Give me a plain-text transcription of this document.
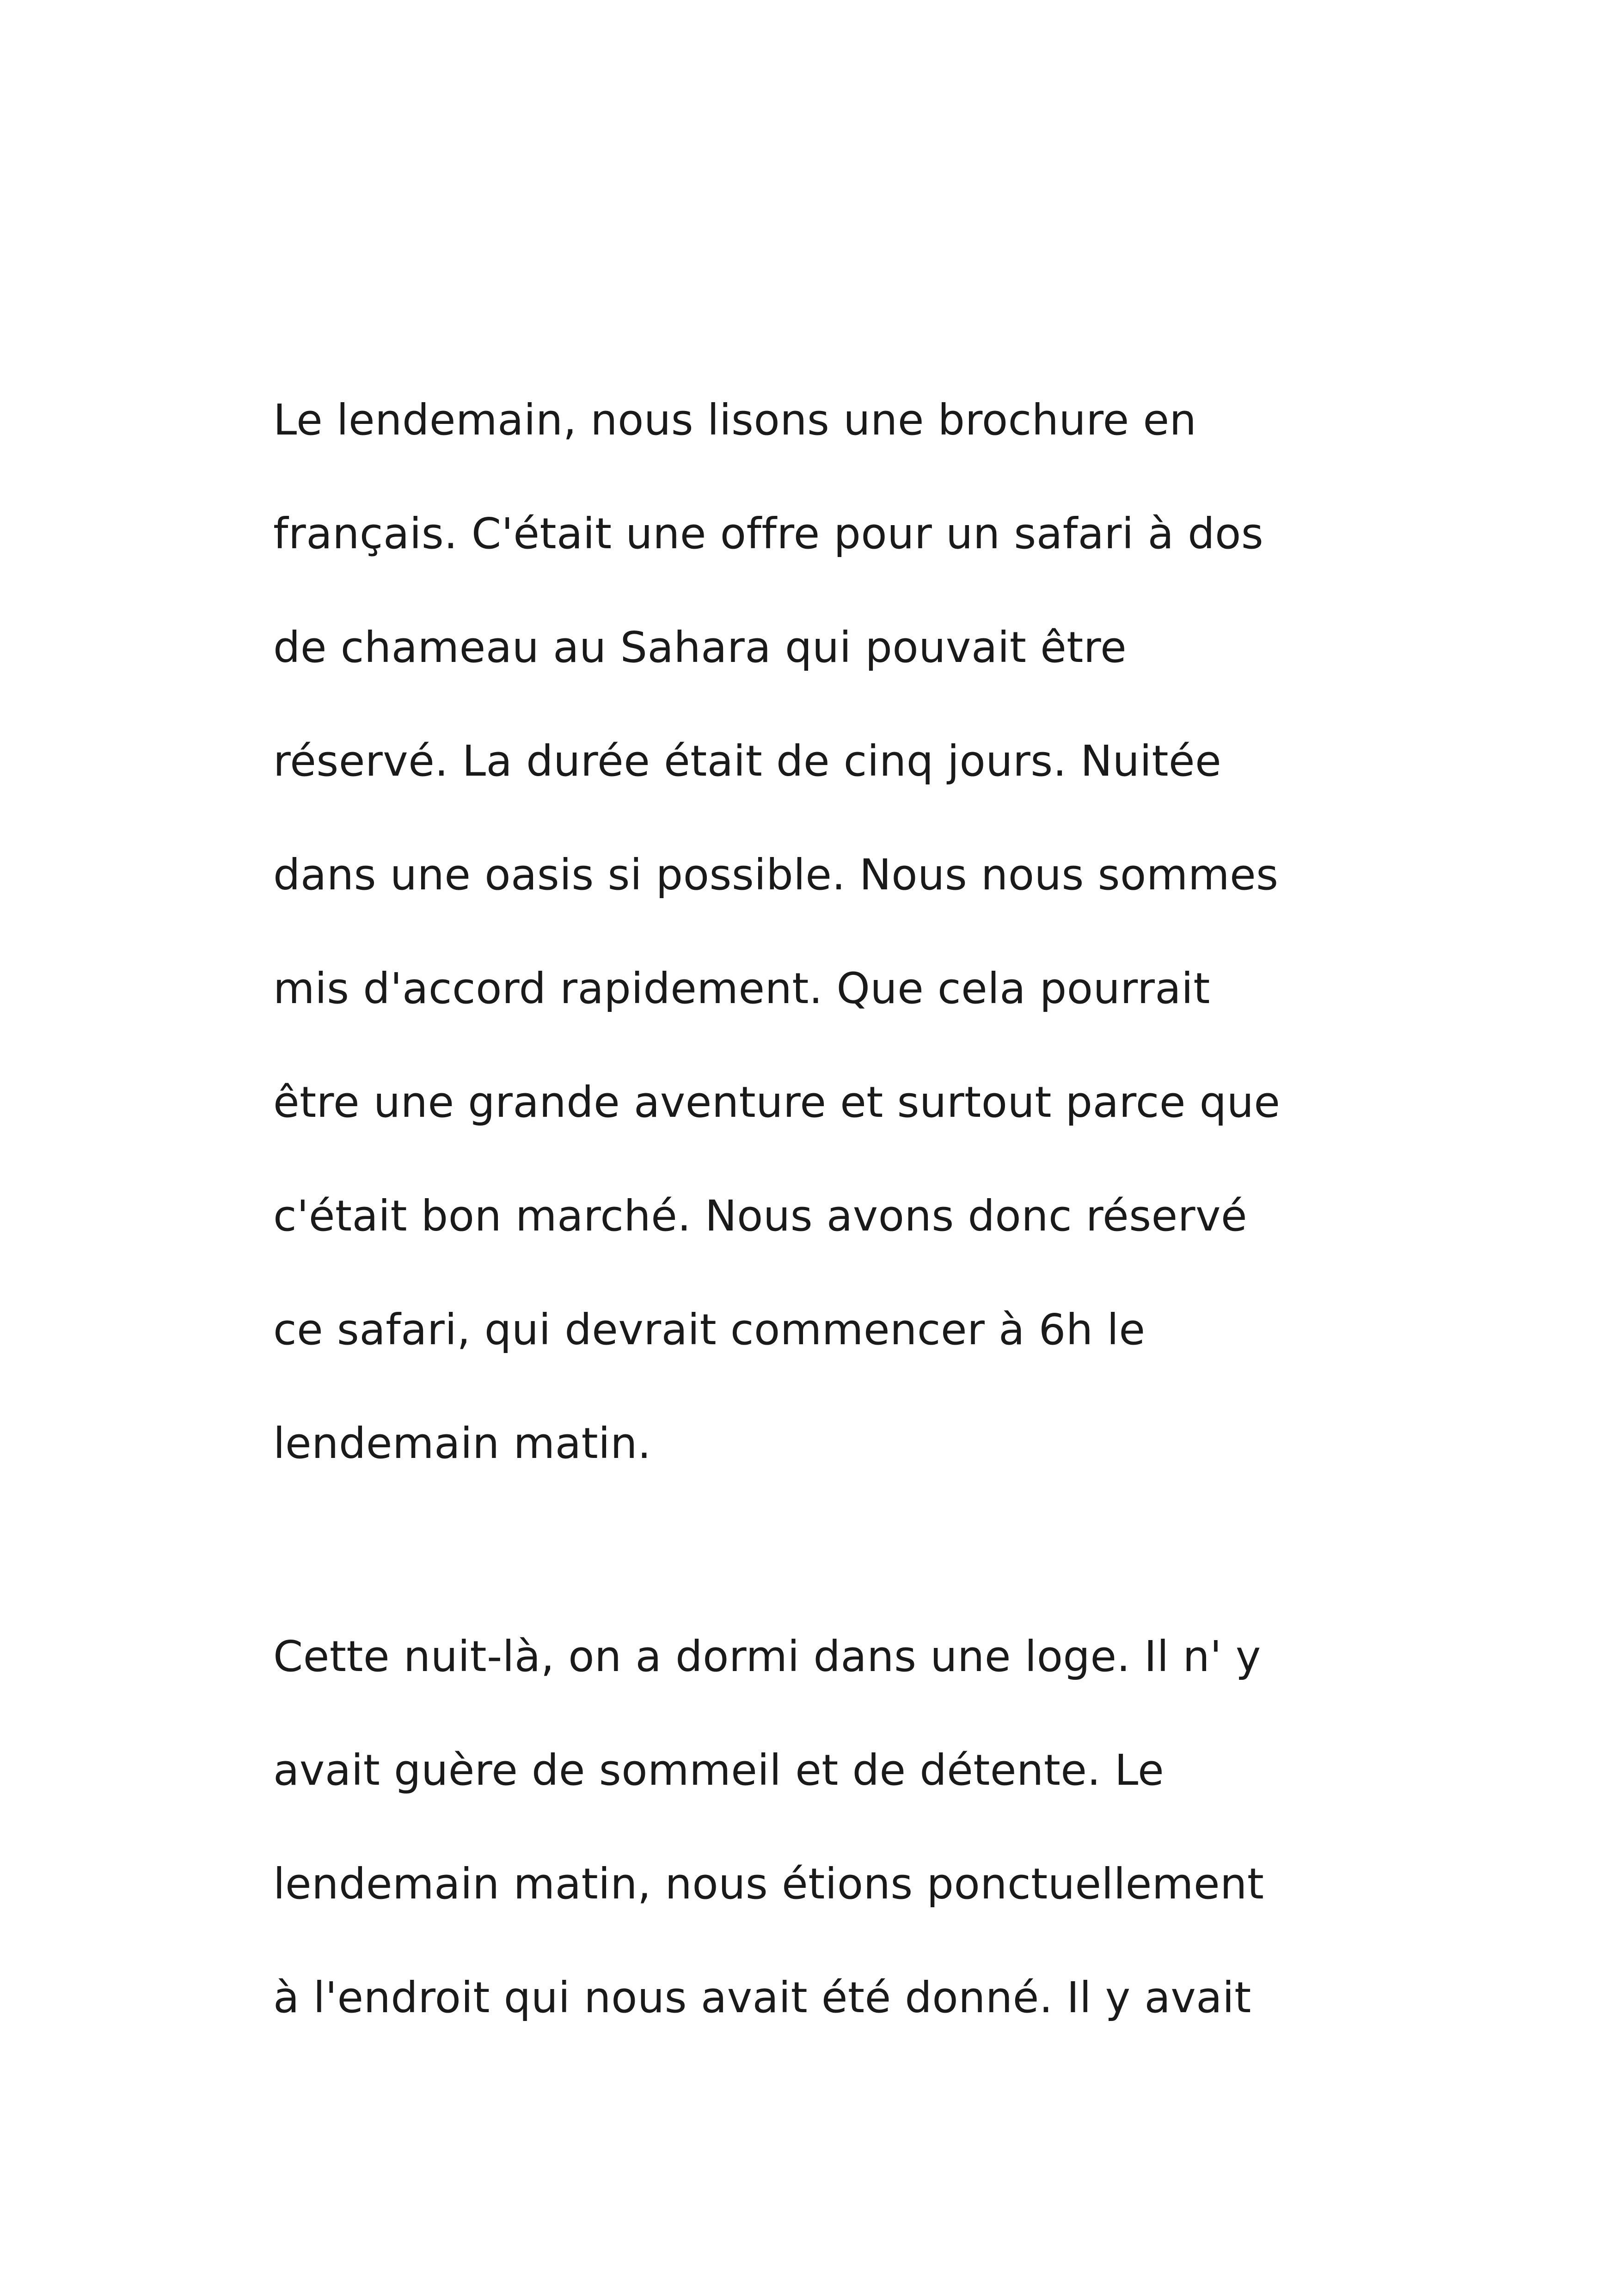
Le lendemain, nous lisons une brochure en
français. C'était une offre pour un safari à dos
de chameau au Sahara qui pouvait être
réservé. La durée était de cinq jours. Nuitée
dans une oasis si possible. Nous nous sommes
mis d'accord rapidement. Que cela pourrait
être une grande aventure et surtout parce que
c'était bon marché. Nous avons donc réservé
ce safari, qui devrait commencer à 6h le
lendemain matin.
Cette nuit-là, on a dormi dans une loge. Il n' y
avait guère de sommeil et de détente. Le
lendemain matin, nous étions ponctuellement
à l'endroit qui nous avait été donné. Il y avait
